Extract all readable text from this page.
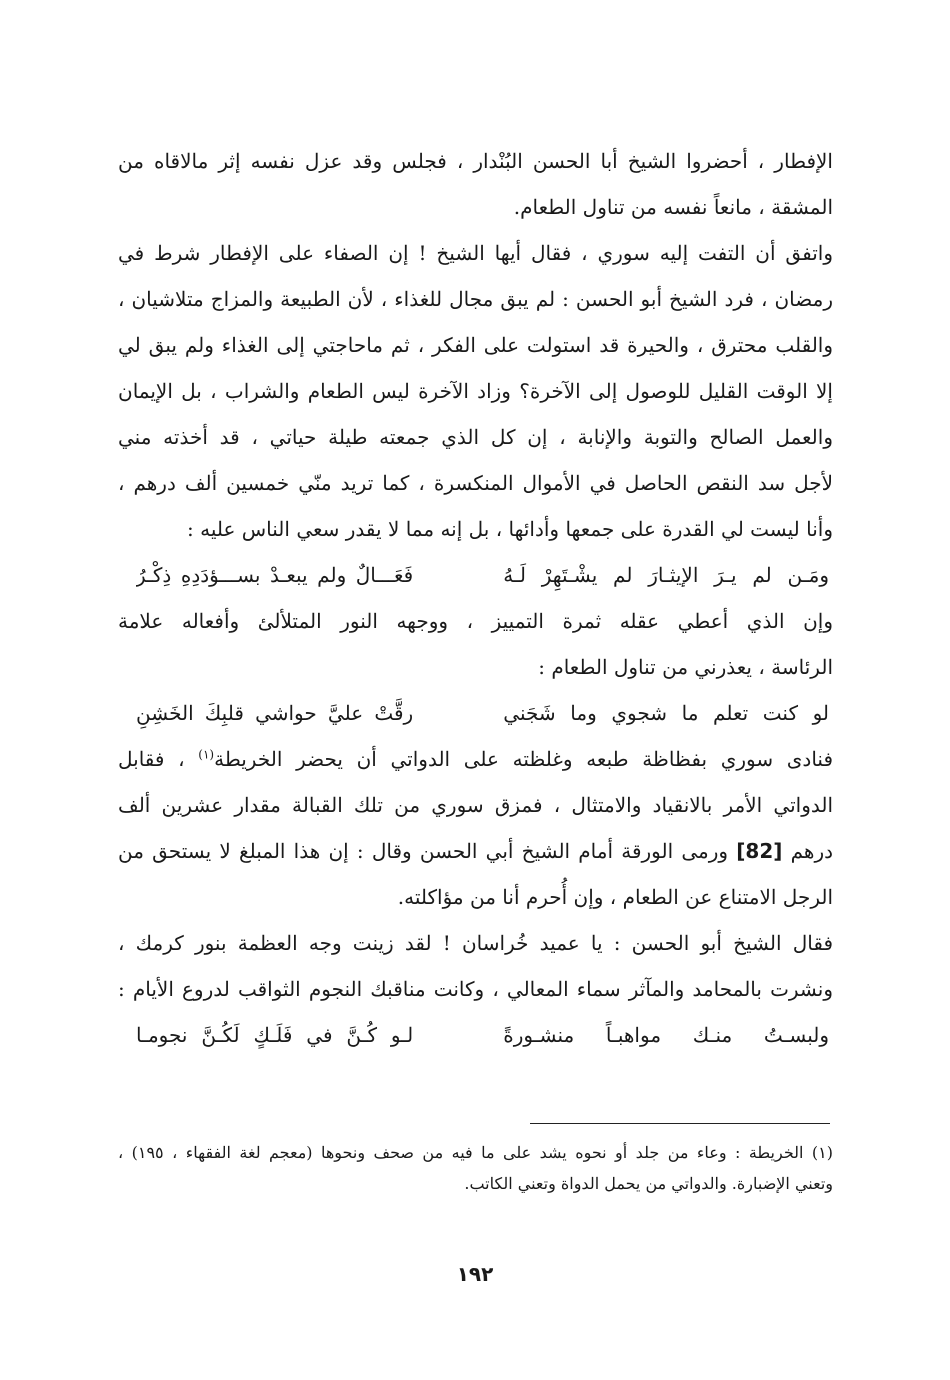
الإفطار ، أحضروا الشيخ أبا الحسن البُنْدار ، فجلس وقد عزل نفسه إثر مالاقاه من
المشقة ، مانعاً نفسه من تناول الطعام.
واتفق أن التفت إليه سوري ، فقال أيها الشيخ ! إن الصفاء على الإفطار شرط في
رمضان ، فرد الشيخ أبو الحسن : لم يبق مجال للغذاء ، لأن الطبيعة والمزاج متلاشيان ،
والقلب محترق ، والحيرة قد استولت على الفكر ، ثم ماحاجتي إلى الغذاء ولم يبق لي
إلا الوقت القليل للوصول إلى الآخرة؟ وزاد الآخرة ليس الطعام والشراب ، بل الإيمان
والعمل الصالح والتوبة والإنابة ، إن كل الذي جمعته طيلة حياتي ، قد أخذته مني
لأجل سد النقص الحاصل في الأموال المنكسرة ، كما تريد منّي خمسين ألف درهم ،
وأنا ليست لي القدرة على جمعها وأدائها ، بل إنه مما لا يقدر سعي الناس عليه :
ومَـن لم يـرَ الإيثـارَ لم يشْـتَهِرْ لَـهُ
فَعَـــالٌ ولم يبعـدْ بســـؤدَدِهِ ذِكْـرُ
وإن الذي أعطي عقله ثمرة التمييز ، ووجهه النور المتلألئ وأفعاله علامة
الرئاسة ، يعذرني من تناول الطعام :
لو كنت تعلم ما شجوي وما شَجَني
رقَّتْ عليَّ حواشي قلبِكَ الخَشِنِ
فنادى سوري بفظاظة طبعه وغلظته على الدواتي أن يحضر الخريطة$^{(١)}$ ، فقابل
الدواتي الأمر بالانقياد والامتثال ، فمزق سوري من تلك القبالة مقدار عشرين ألف
درهم [82] ورمى الورقة أمام الشيخ أبي الحسن وقال : إن هذا المبلغ لا يستحق من
الرجل الامتناع عن الطعام ، وإن أُحرم أنا من مؤاكلته.
فقال الشيخ أبو الحسن : يا عميد خُراسان ! لقد زينت وجه العظمة بنور كرمك ،
ونشرت بالمحامد والمآثر سماء المعالي ، وكانت مناقبك النجوم الثواقب لدروع الأيام :
ولبسـتُ منـك مواهبـاً منشـورةً
لـو كُـنَّ في فَلَـكٍ لَكُـنَّ نجومـا
(١) الخريطة : وعاء من جلد أو نحوه يشد على ما فيه من صحف ونحوها (معجم لغة الفقهاء ، ١٩٥) ،
وتعني الإضبارة. والدواتي من يحمل الدواة وتعني الكاتب.
١٩٢
